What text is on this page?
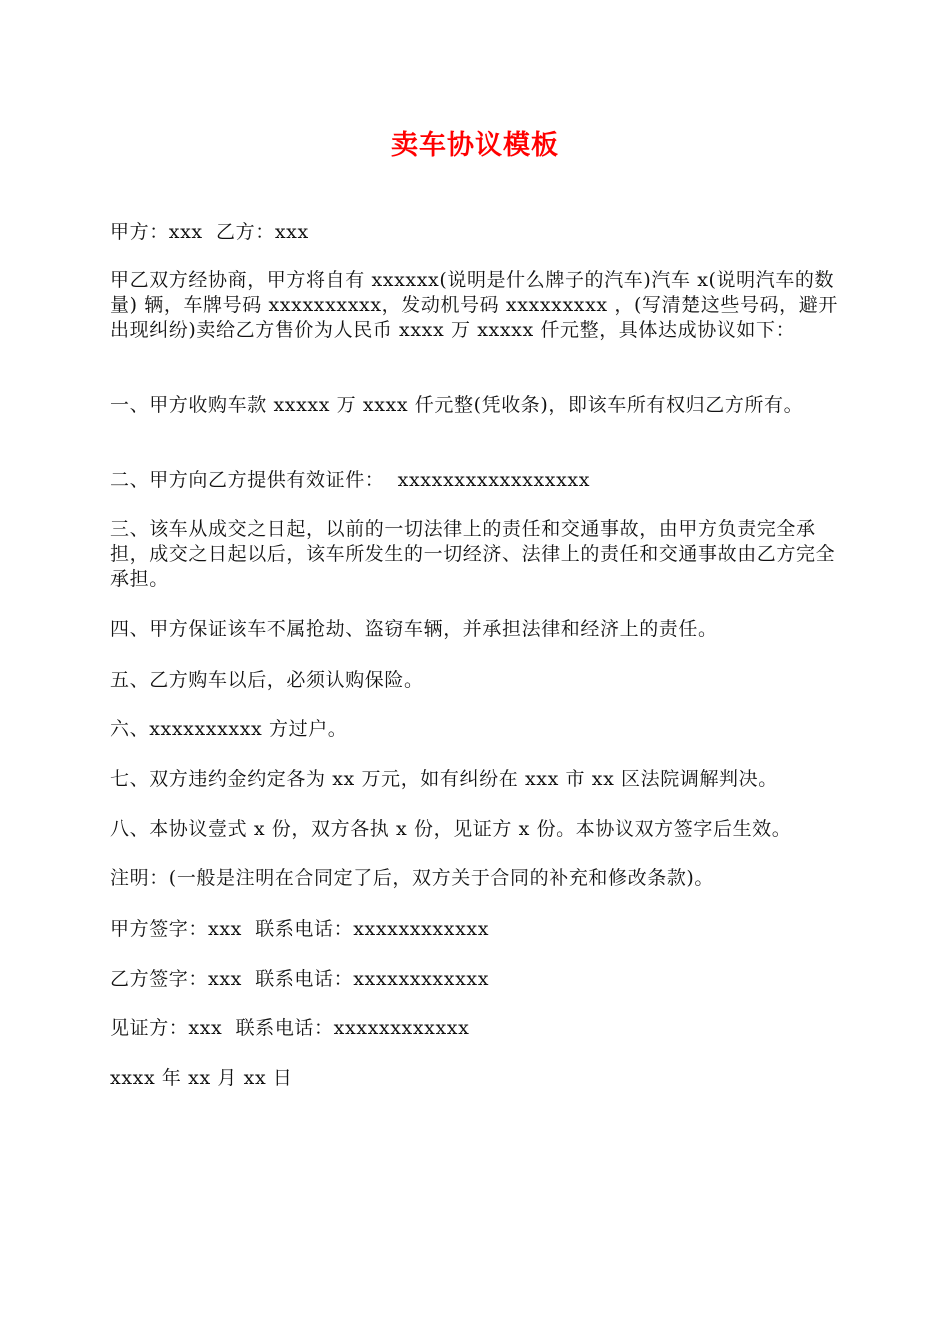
卖车协议模板

甲方：xxx  乙方：xxx

甲乙双方经协商，甲方将自有 xxxxxx(说明是什么牌子的汽车)汽车 x(说明汽车的数量) 辆，车牌号码 xxxxxxxxxx，发动机号码 xxxxxxxxx ，(写清楚这些号码，避开出现纠纷)卖给乙方售价为人民币 xxxx 万 xxxxx 仟元整，具体达成协议如下：

一、甲方收购车款 xxxxx 万 xxxx 仟元整(凭收条)，即该车所有权归乙方所有。

二、甲方向乙方提供有效证件：  xxxxxxxxxxxxxxxxx

三、该车从成交之日起，以前的一切法律上的责任和交通事故，由甲方负责完全承担，成交之日起以后，该车所发生的一切经济、法律上的责任和交通事故由乙方完全承担。

四、甲方保证该车不属抢劫、盗窃车辆，并承担法律和经济上的责任。

五、乙方购车以后，必须认购保险。

六、xxxxxxxxxx 方过户。

七、双方违约金约定各为 xx 万元，如有纠纷在 xxx 市 xx 区法院调解判决。

八、本协议壹式 x 份，双方各执 x 份，见证方 x 份。本协议双方签字后生效。

注明：(一般是注明在合同定了后，双方关于合同的补充和修改条款)。

甲方签字：xxx  联系电话：xxxxxxxxxxxx

乙方签字：xxx  联系电话：xxxxxxxxxxxx

见证方：xxx  联系电话：xxxxxxxxxxxx

xxxx 年 xx 月 xx 日
